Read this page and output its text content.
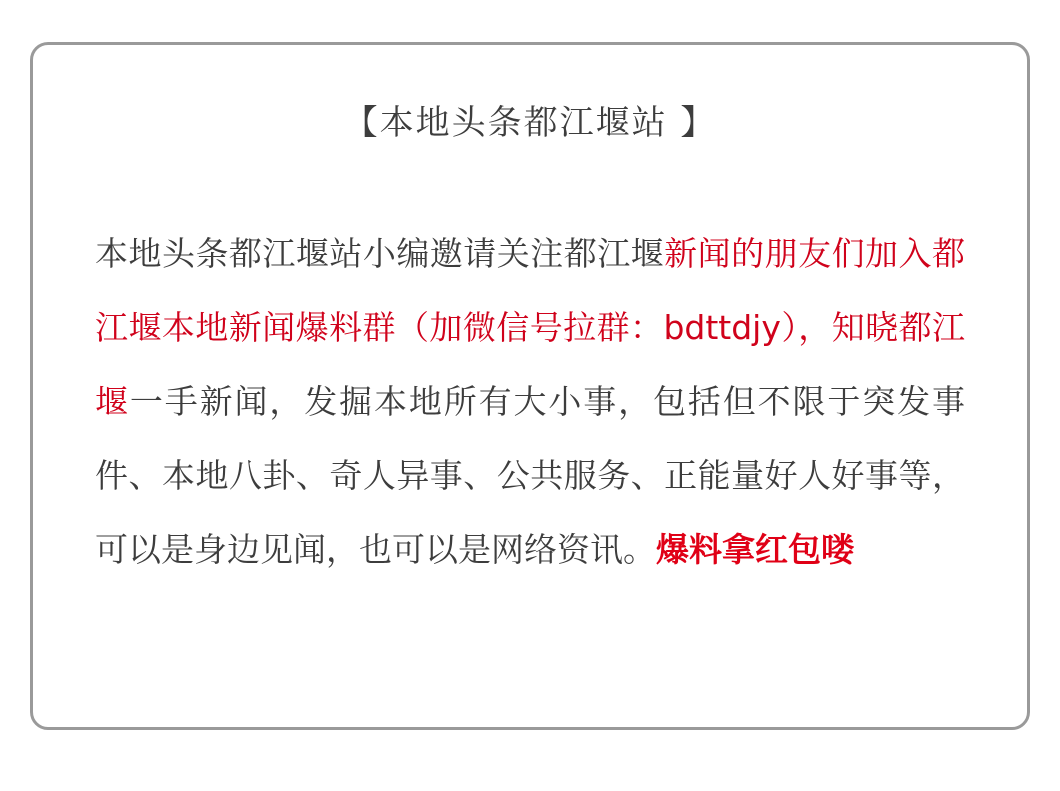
【本地头条都江堰站 】
本地头条都江堰站小编邀请关注都江堰新闻的朋友们加入都江堰本地新闻爆料群（加微信号拉群：bdttdjy），知晓都江堰一手新闻，发掘本地所有大小事，包括但不限于突发事件、本地八卦、奇人异事、公共服务、正能量好人好事等，可以是身边见闻，也可以是网络资讯。爆料拿红包喽
